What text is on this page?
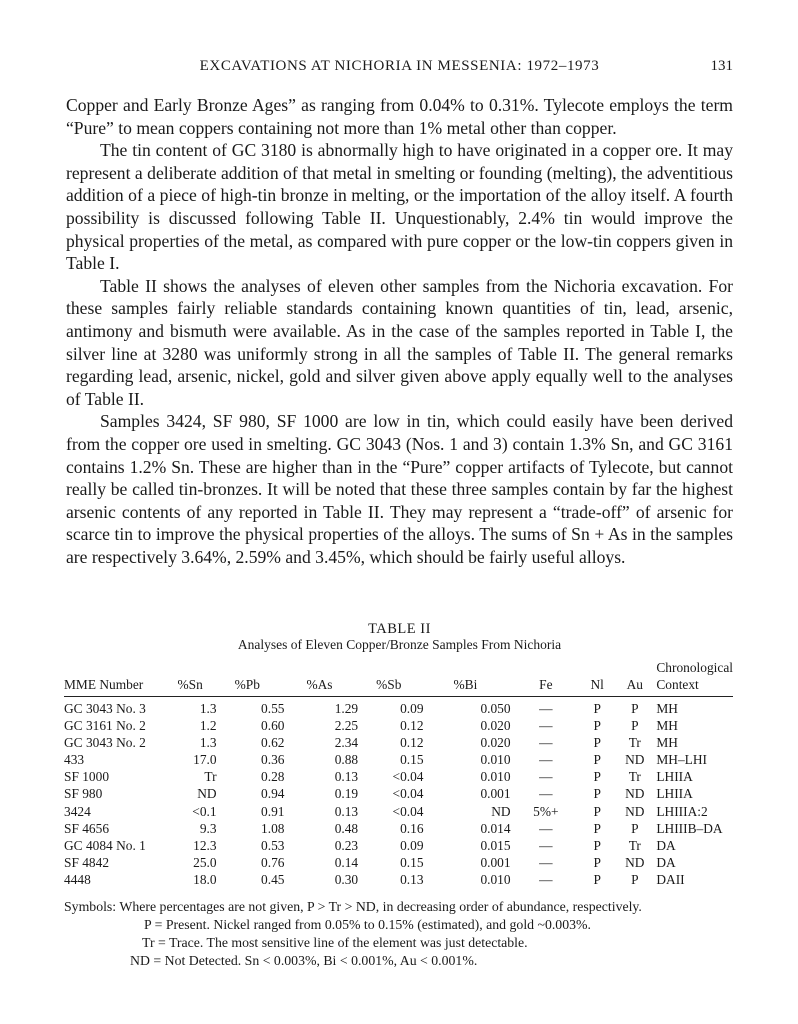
EXCAVATIONS AT NICHORIA IN MESSENIA: 1972–1973	131

Copper and Early Bronze Ages” as ranging from 0.04% to 0.31%. Tylecote employs the term “Pure” to mean coppers containing not more than 1% metal other than copper.

The tin content of GC 3180 is abnormally high to have originated in a copper ore. It may represent a deliberate addition of that metal in smelting or founding (melting), the adventitious addition of a piece of high-tin bronze in melting, or the importation of the alloy itself. A fourth possibility is discussed following Table II. Unquestionably, 2.4% tin would improve the physical properties of the metal, as compared with pure copper or the low-tin coppers given in Table I.

Table II shows the analyses of eleven other samples from the Nichoria excavation. For these samples fairly reliable standards containing known quantities of tin, lead, arsenic, antimony and bismuth were available. As in the case of the samples reported in Table I, the silver line at 3280 was uniformly strong in all the samples of Table II. The general remarks regarding lead, arsenic, nickel, gold and silver given above apply equally well to the analyses of Table II.

Samples 3424, SF 980, SF 1000 are low in tin, which could easily have been derived from the copper ore used in smelting. GC 3043 (Nos. 1 and 3) contain 1.3% Sn, and GC 3161 contains 1.2% Sn. These are higher than in the “Pure” copper artifacts of Tylecote, but cannot really be called tin-bronzes. It will be noted that these three samples contain by far the highest arsenic contents of any reported in Table II. They may represent a “trade-off” of arsenic for scarce tin to improve the physical properties of the alloys. The sums of Sn + As in the samples are respectively 3.64%, 2.59% and 3.45%, which should be fairly useful alloys.

TABLE II
Analyses of Eleven Copper/Bronze Samples From Nichoria
MME Number	%Sn	%Pb	%As	%Sb	%Bi	Fe	Nl	Au	Chronological
Context

GC 3043 No. 3	1.3	0.55	1.29	0.09	0.050	—	P	P	MH
GC 3161 No. 2	1.2	0.60	2.25	0.12	0.020	—	P	P	MH
GC 3043 No. 2	1.3	0.62	2.34	0.12	0.020	—	P	Tr	MH
433	17.0	0.36	0.88	0.15	0.010	—	P	ND	MH–LHI
SF 1000	Tr	0.28	0.13	<0.04	0.010	—	P	Tr	LHIIA
SF 980	ND	0.94	0.19	<0.04	0.001	—	P	ND	LHIIA
3424	<0.1	0.91	0.13	<0.04	ND	5%+	P	ND	LHIIIA:2
SF 4656	9.3	1.08	0.48	0.16	0.014	—	P	P	LHIIIB–DA
GC 4084 No. 1	12.3	0.53	0.23	0.09	0.015	—	P	Tr	DA
SF 4842	25.0	0.76	0.14	0.15	0.001	—	P	ND	DA
4448	18.0	0.45	0.30	0.13	0.010	—	P	P	DAII
Symbols: Where percentages are not given, P > Tr > ND, in decreasing order of abundance, respectively.
P = Present. Nickel ranged from 0.05% to 0.15% (estimated), and gold ~0.003%.
Tr = Trace. The most sensitive line of the element was just detectable.
ND = Not Detected. Sn < 0.003%, Bi < 0.001%, Au < 0.001%.
